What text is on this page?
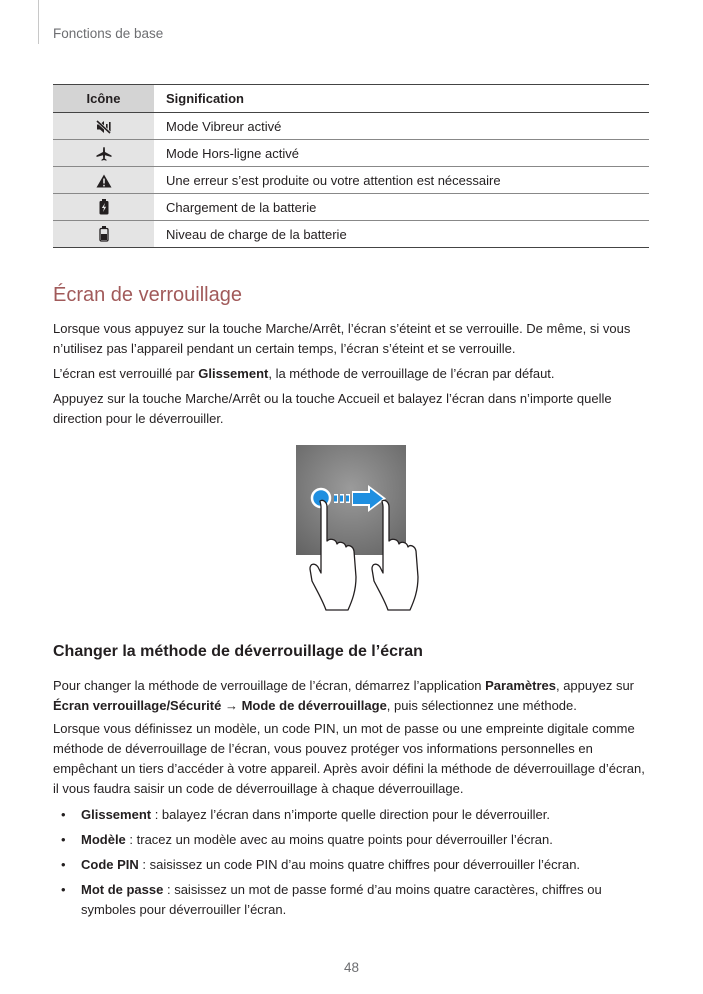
Fonctions de base
Icône	Signification
	Mode Vibreur activé
	Mode Hors-ligne activé
	Une erreur s’est produite ou votre attention est nécessaire
	Chargement de la batterie
	Niveau de charge de la batterie
Écran de verrouillage

Lorsque vous appuyez sur la touche Marche/Arrêt, l’écran s’éteint et se verrouille. De même, si vous n’utilisez pas l’appareil pendant un certain temps, l’écran s’éteint et se verrouille.

L’écran est verrouillé par Glissement, la méthode de verrouillage de l’écran par défaut.

Appuyez sur la touche Marche/Arrêt ou la touche Accueil et balayez l’écran dans n’importe quelle direction pour le déverrouiller.

Changer la méthode de déverrouillage de l’écran

Pour changer la méthode de verrouillage de l’écran, démarrez l’application Paramètres, appuyez sur Écran verrouillage/Sécurité → Mode de déverrouillage, puis sélectionnez une méthode.

Lorsque vous définissez un modèle, un code PIN, un mot de passe ou une empreinte digitale comme méthode de déverrouillage de l’écran, vous pouvez protéger vos informations personnelles en empêchant un tiers d’accéder à votre appareil. Après avoir défini la méthode de déverrouillage d’écran, il vous faudra saisir un code de déverrouillage à chaque déverrouillage.

• Glissement : balayez l’écran dans n’importe quelle direction pour le déverrouiller.
• Modèle : tracez un modèle avec au moins quatre points pour déverrouiller l’écran.
• Code PIN : saisissez un code PIN d’au moins quatre chiffres pour déverrouiller l’écran.
• Mot de passe : saisissez un mot de passe formé d’au moins quatre caractères, chiffres ou symboles pour déverrouiller l’écran.
48
